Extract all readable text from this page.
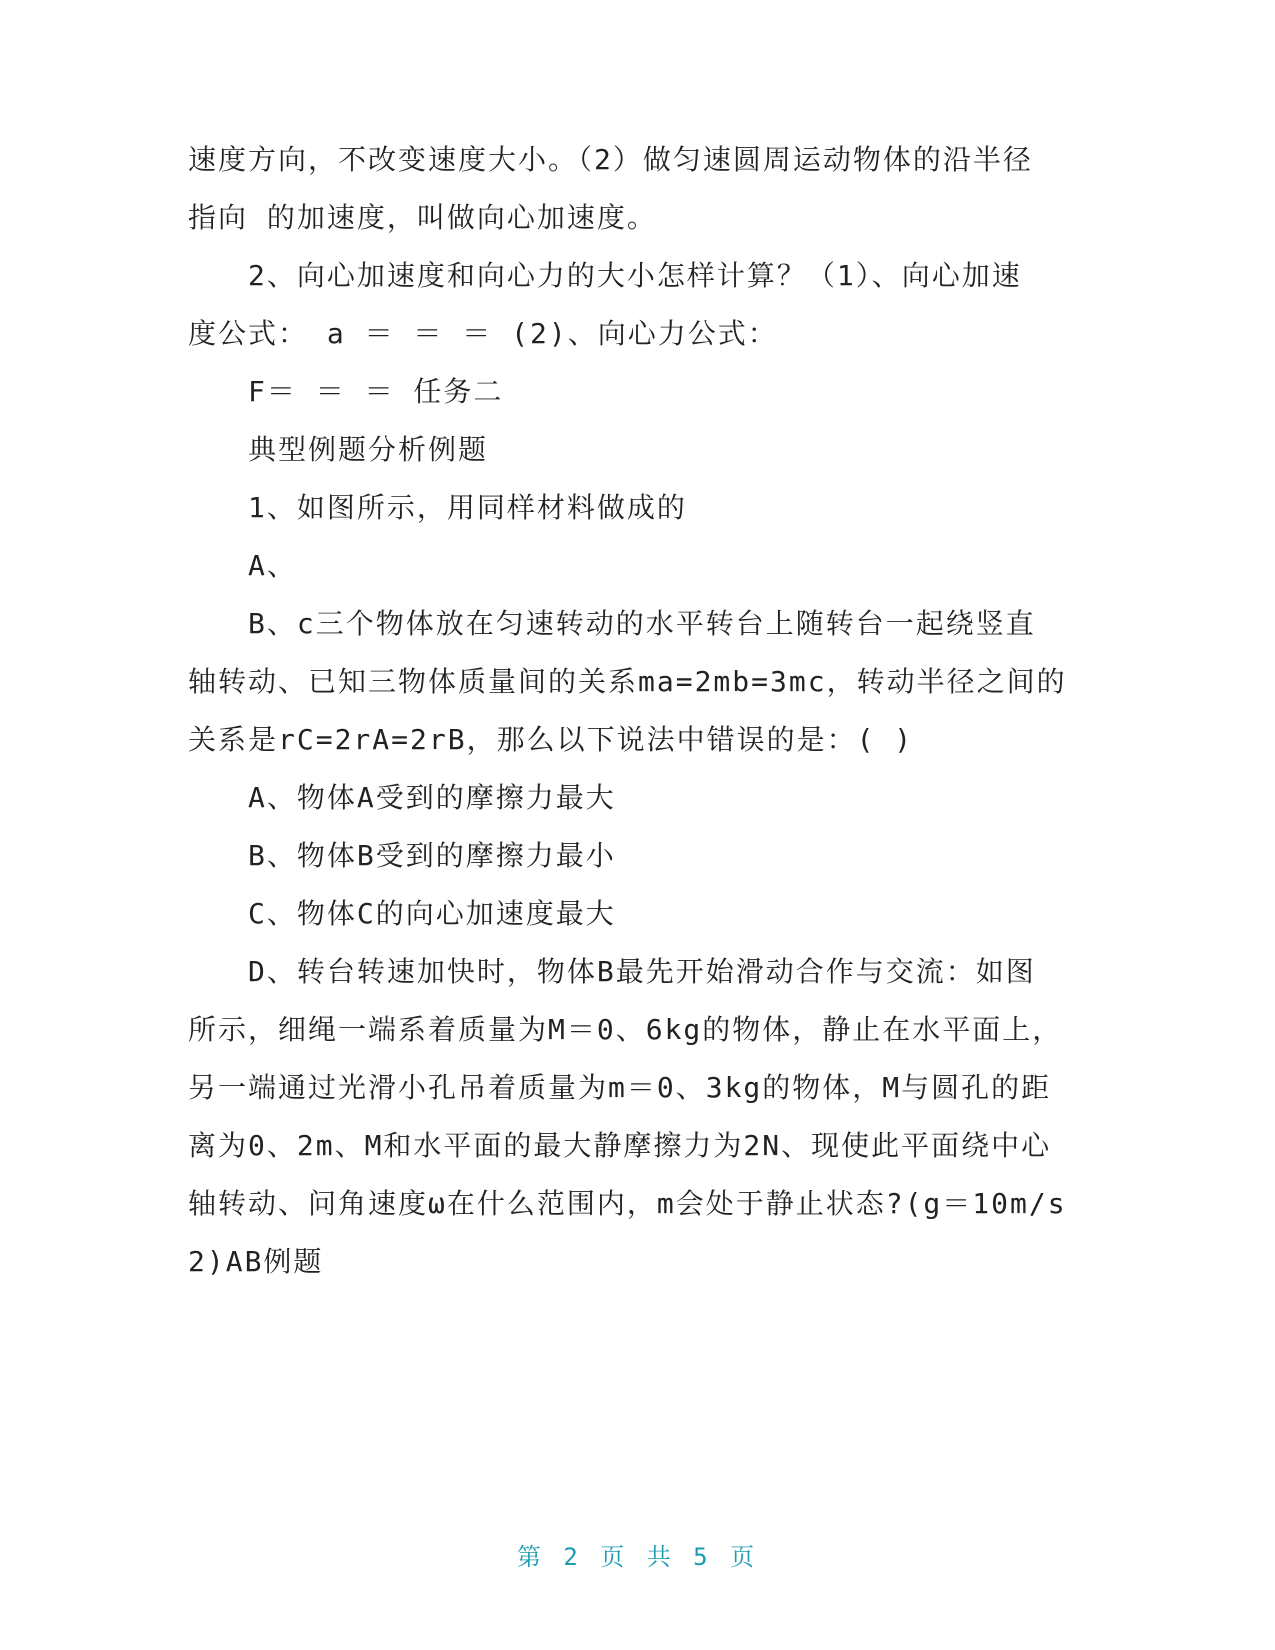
速度方向，不改变速度大小。（2）做匀速圆周运动物体的沿半径
指向 的加速度，叫做向心加速度。
2、向心加速度和向心力的大小怎样计算？（1）、向心加速
度公式： a ＝ ＝ ＝ (2)、向心力公式：
F＝ ＝ ＝ 任务二
典型例题分析例题
1、如图所示，用同样材料做成的
A、
B、c三个物体放在匀速转动的水平转台上随转台一起绕竖直
轴转动、已知三物体质量间的关系ma=2mb=3mc，转动半径之间的
关系是rC=2rA=2rB，那么以下说法中错误的是：( )
A、物体A受到的摩擦力最大
B、物体B受到的摩擦力最小
C、物体C的向心加速度最大
D、转台转速加快时，物体B最先开始滑动合作与交流：如图
所示，细绳一端系着质量为M＝0、6kg的物体，静止在水平面上，
另一端通过光滑小孔吊着质量为m＝0、3kg的物体，M与圆孔的距
离为0、2m、M和水平面的最大静摩擦力为2N、现使此平面绕中心
轴转动、问角速度ω在什么范围内，m会处于静止状态?(g＝10m/s
2)AB例题
第 2 页 共 5 页
